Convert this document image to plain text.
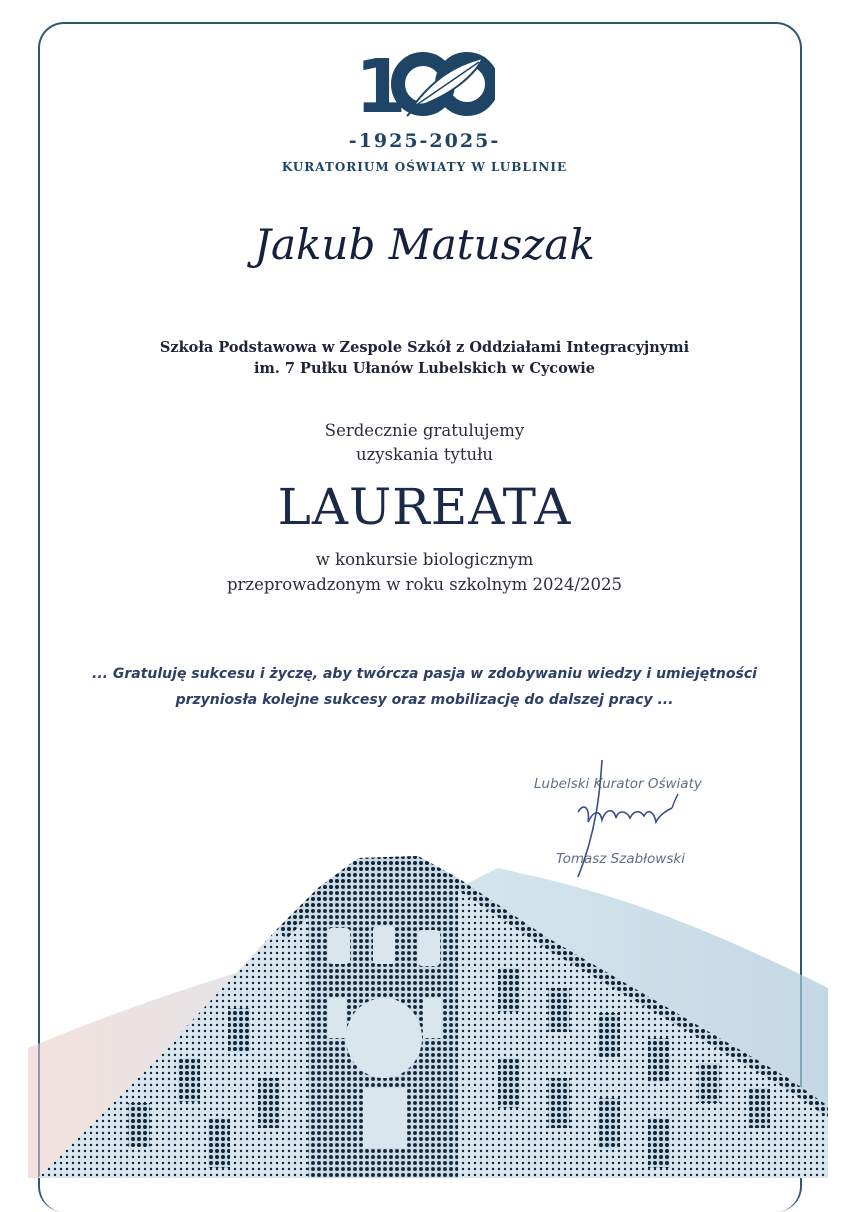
1
-1925-2025-
KURATORIUM OŚWIATY W LUBLINIE
Jakub Matuszak
Szkoła Podstawowa w Zespole Szkół z Oddziałami Integracyjnymi
im. 7 Pułku Ułanów Lubelskich w Cycowie
Serdecznie gratulujemy
uzyskania tytułu
LAUREATA
w konkursie biologicznym
przeprowadzonym w roku szkolnym 2024/2025
... Gratuluję sukcesu i życzę, aby twórcza pasja w zdobywaniu wiedzy i umiejętności
przyniosła kolejne sukcesy oraz mobilizację do dalszej pracy ...
Lubelski Kurator Oświaty
Tomasz Szabłowski
